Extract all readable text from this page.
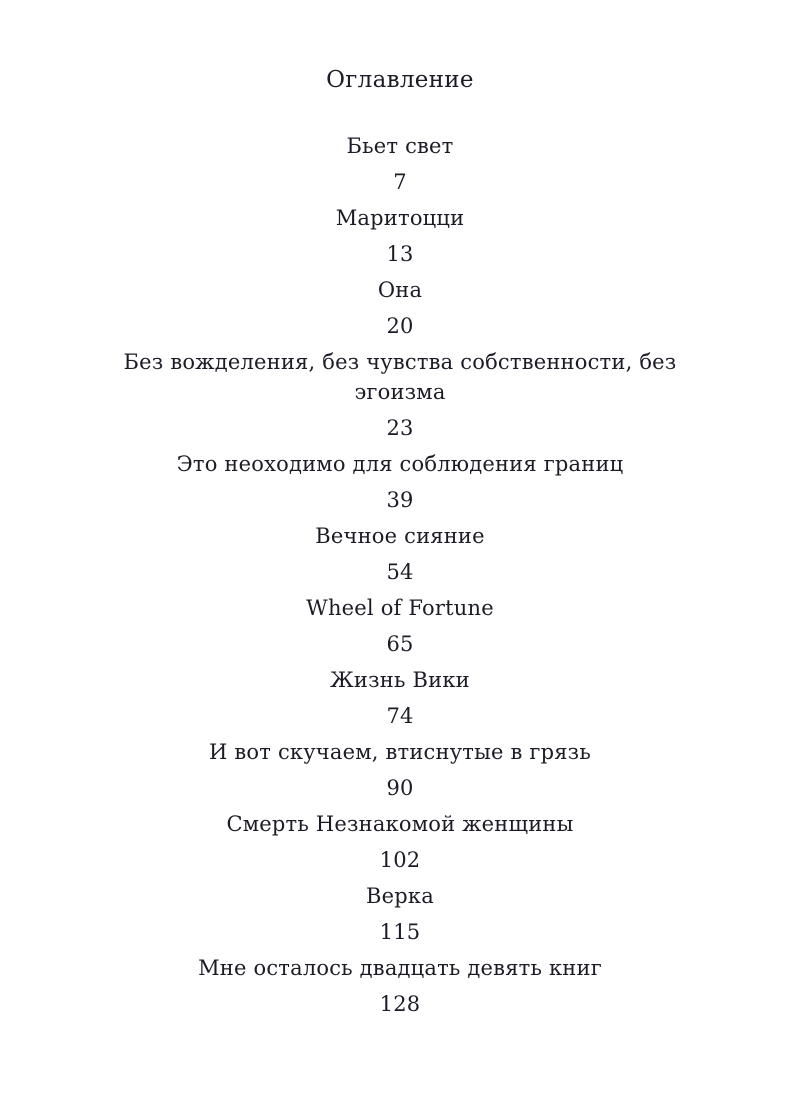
Оглавление
Бьет свет
7
Маритоцци
13
Она
20
Без вожделения, без чувства собственности, без эгоизма
23
Это неоходимо для соблюдения границ
39
Вечное сияние
54
Wheel of Fortune
65
Жизнь Вики
74
И вот скучаем, втиснутые в грязь
90
Смерть Незнакомой женщины
102
Верка
115
Мне осталось двадцать девять книг
128
